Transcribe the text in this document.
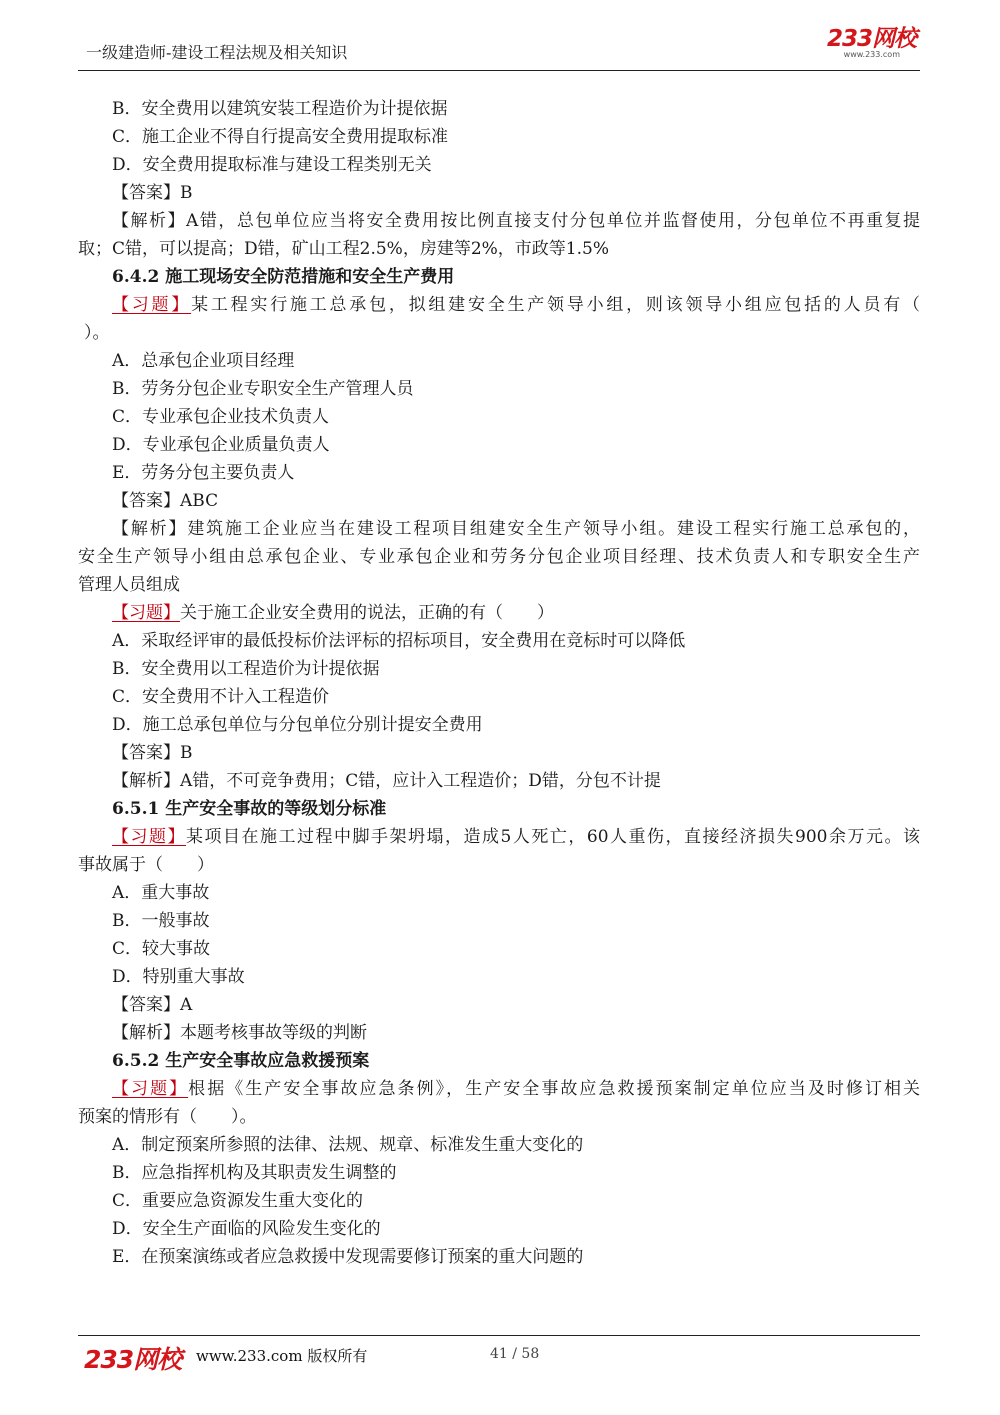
一级建造师-建设工程法规及相关知识
233网校
www.233.com
B．安全费用以建筑安装工程造价为计提依据
C．施工企业不得自行提高安全费用提取标准
D．安全费用提取标准与建设工程类别无关
【答案】B
【解析】A错，总包单位应当将安全费用按比例直接支付分包单位并监督使用，分包单位不再重复提
取；C错，可以提高；D错，矿山工程2.5%，房建等2%，市政等1.5%
6.4.2 施工现场安全防范措施和安全生产费用
【习题】某工程实行施工总承包，拟组建安全生产领导小组，则该领导小组应包括的人员有（
）。
A．总承包企业项目经理
B．劳务分包企业专职安全生产管理人员
C．专业承包企业技术负责人
D．专业承包企业质量负责人
E．劳务分包主要负责人
【答案】ABC
【解析】建筑施工企业应当在建设工程项目组建安全生产领导小组。建设工程实行施工总承包的，
安全生产领导小组由总承包企业、专业承包企业和劳务分包企业项目经理、技术负责人和专职安全生产
管理人员组成
【习题】关于施工企业安全费用的说法，正确的有（　　）
A．采取经评审的最低投标价法评标的招标项目，安全费用在竞标时可以降低
B．安全费用以工程造价为计提依据
C．安全费用不计入工程造价
D．施工总承包单位与分包单位分别计提安全费用
【答案】B
【解析】A错，不可竞争费用；C错，应计入工程造价；D错，分包不计提
6.5.1 生产安全事故的等级划分标准
【习题】某项目在施工过程中脚手架坍塌，造成5人死亡，60人重伤，直接经济损失900余万元。该
事故属于（　　）
A．重大事故
B．一般事故
C．较大事故
D．特别重大事故
【答案】A
【解析】本题考核事故等级的判断
6.5.2 生产安全事故应急救援预案
【习题】根据《生产安全事故应急条例》，生产安全事故应急救援预案制定单位应当及时修订相关
预案的情形有（　　）。
A．制定预案所参照的法律、法规、规章、标准发生重大变化的
B．应急指挥机构及其职责发生调整的
C．重要应急资源发生重大变化的
D．安全生产面临的风险发生变化的
E．在预案演练或者应急救援中发现需要修订预案的重大问题的
233网校 www.233.com 版权所有	41 / 58
